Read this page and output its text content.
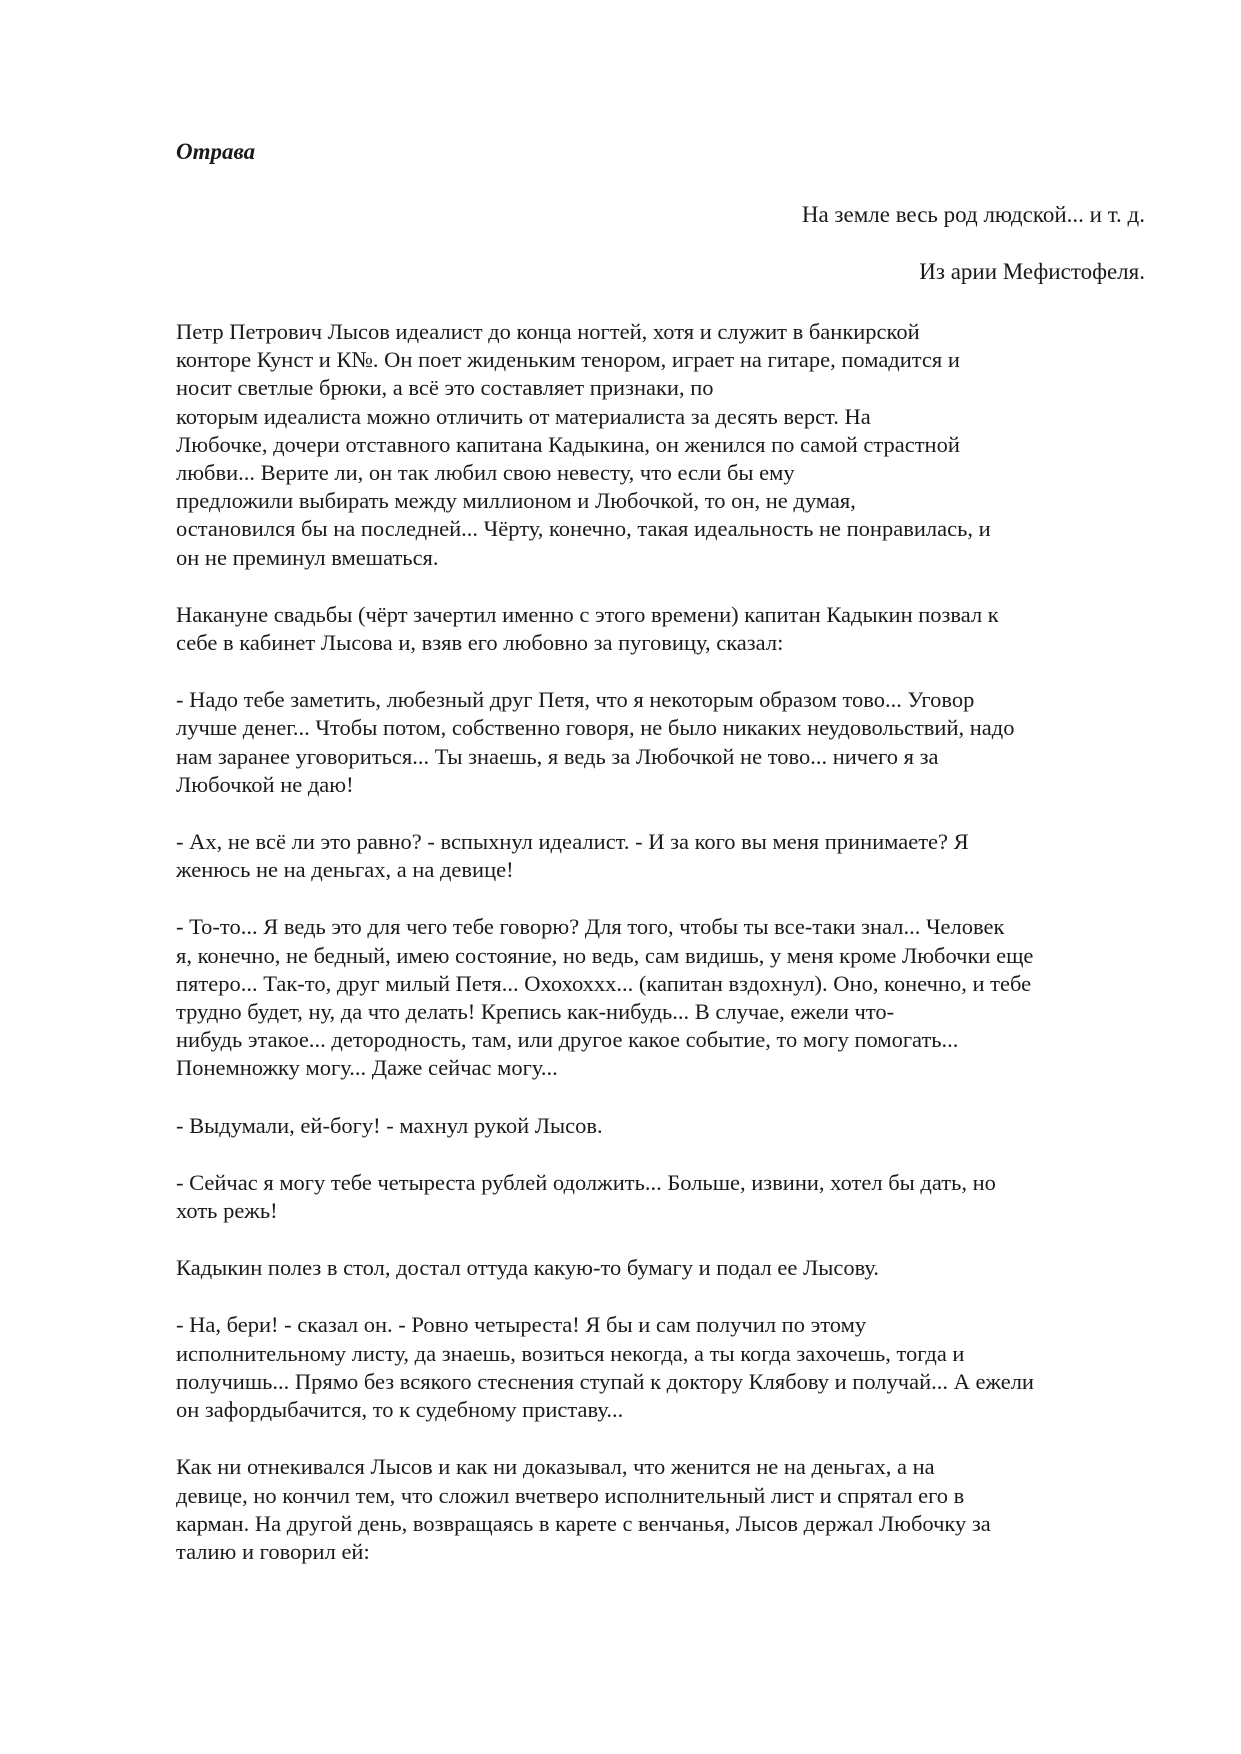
Отрава
На земле весь род людской... и т. д.
Из арии Мефистофеля.
Петр Петрович Лысов идеалист до конца ногтей, хотя и служит в банкирской
конторе Кунст и К№. Он поет жиденьким тенором, играет на гитаре, помадится и
носит светлые брюки, а всё это составляет признаки, по
которым идеалиста можно отличить от материалиста за десять верст. На
Любочке, дочери отставного капитана Кадыкина, он женился по самой страстной
любви... Верите ли, он так любил свою невесту, что если бы ему
предложили выбирать между миллионом и Любочкой, то он, не думая,
остановился бы на последней... Чёрту, конечно, такая идеальность не понравилась, и
он не преминул вмешаться.
Накануне свадьбы (чёрт зачертил именно с этого времени) капитан Кадыкин позвал к
себе в кабинет Лысова и, взяв его любовно за пуговицу, сказал:
- Надо тебе заметить, любезный друг Петя, что я некоторым образом тово... Уговор
лучше денег... Чтобы потом, собственно говоря, не было никаких неудовольствий, надо
нам заранее уговориться... Ты знаешь, я ведь за Любочкой не тово... ничего я за
Любочкой не даю!
- Ах, не всё ли это равно? - вспыхнул идеалист. - И за кого вы меня принимаете? Я
женюсь не на деньгах, а на девице!
- То-то... Я ведь это для чего тебе говорю? Для того, чтобы ты все-таки знал... Человек
я, конечно, не бедный, имею состояние, но ведь, сам видишь, у меня кроме Любочки еще
пятеро... Так-то, друг милый Петя... Охохоххх... (капитан вздохнул). Оно, конечно, и тебе
трудно будет, ну, да что делать! Крепись как-нибудь... В случае, ежели что-
нибудь этакое... детородность, там, или другое какое событие, то могу помогать...
Понемножку могу... Даже сейчас могу...
- Выдумали, ей-богу! - махнул рукой Лысов.
- Сейчас я могу тебе четыреста рублей одолжить... Больше, извини, хотел бы дать, но
хоть режь!
Кадыкин полез в стол, достал оттуда какую-то бумагу и подал ее Лысову.
- На, бери! - сказал он. - Ровно четыреста! Я бы и сам получил по этому
исполнительному листу, да знаешь, возиться некогда, а ты когда захочешь, тогда и
получишь... Прямо без всякого стеснения ступай к доктору Клябову и получай... А ежели
он зафордыбачится, то к судебному приставу...
Как ни отнекивался Лысов и как ни доказывал, что женится не на деньгах, а на
девице, но кончил тем, что сложил вчетверо исполнительный лист и спрятал его в
карман. На другой день, возвращаясь в карете с венчанья, Лысов держал Любочку за
талию и говорил ей:
